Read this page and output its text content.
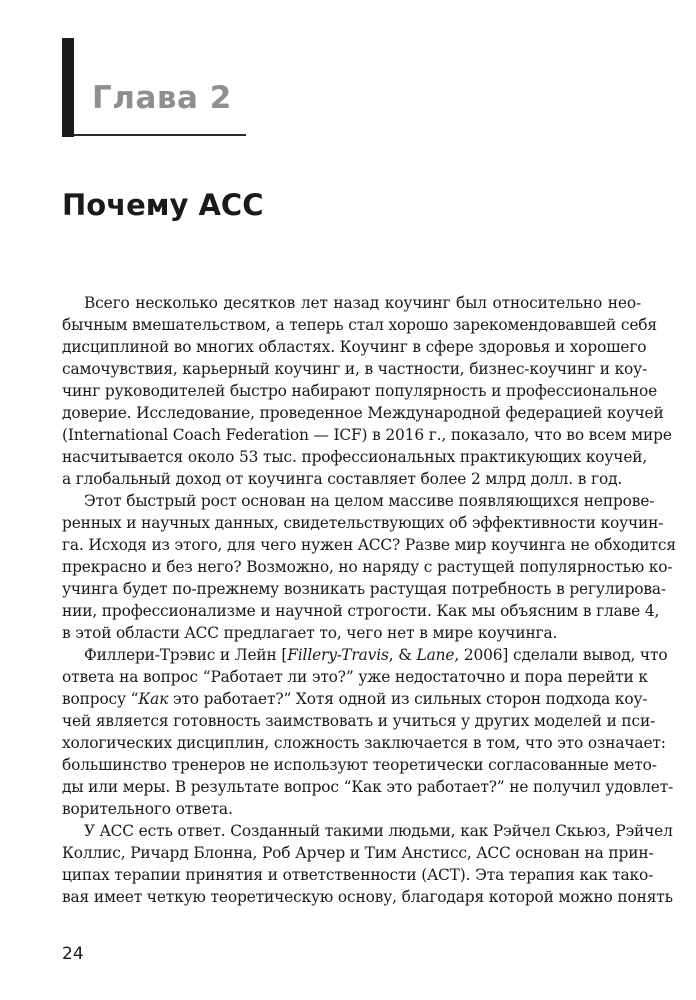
Глава 2
Почему ACC
Всего несколько десятков лет назад коучинг был относительно нео-
бычным вмешательством, а теперь стал хорошо зарекомендовавшей себя
дисциплиной во многих областях. Коучинг в сфере здоровья и хорошего
самочувствия, карьерный коучинг и, в частности, бизнес-коучинг и коу-
чинг руководителей быстро набирают популярность и профессиональное
доверие. Исследование, проведенное Международной федерацией коучей
(International Coach Federation — ICF) в 2016 г., показало, что во всем мире
насчитывается около 53 тыс. профессиональных практикующих коучей,
а глобальный доход от коучинга составляет более 2 млрд долл. в год.
Этот быстрый рост основан на целом массиве появляющихся непрове-
ренных и научных данных, свидетельствующих об эффективности коучин-
га. Исходя из этого, для чего нужен ACC? Разве мир коучинга не обходится
прекрасно и без него? Возможно, но наряду с растущей популярностью ко-
учинга будет по-прежнему возникать растущая потребность в регулирова-
нии, профессионализме и научной строгости. Как мы объясним в главе 4,
в этой области ACC предлагает то, чего нет в мире коучинга.
Филлери-Трэвис и Лейн [Fillery-Travis, & Lane, 2006] сделали вывод, что
ответа на вопрос “Работает ли это?” уже недостаточно и пора перейти к
вопросу “Как это работает?” Хотя одной из сильных сторон подхода коу-
чей является готовность заимствовать и учиться у других моделей и пси-
хологических дисциплин, сложность заключается в том, что это означает:
большинство тренеров не используют теоретически согласованные мето-
ды или меры. В результате вопрос “Как это работает?” не получил удовлет-
ворительного ответа.
У ACC есть ответ. Созданный такими людьми, как Рэйчел Скьюз, Рэйчел
Коллис, Ричард Блонна, Роб Арчер и Тим Анстисс, ACC основан на прин-
ципах терапии принятия и ответственности (ACT). Эта терапия как тако-
вая имеет четкую теоретическую основу, благодаря которой можно понять
24
